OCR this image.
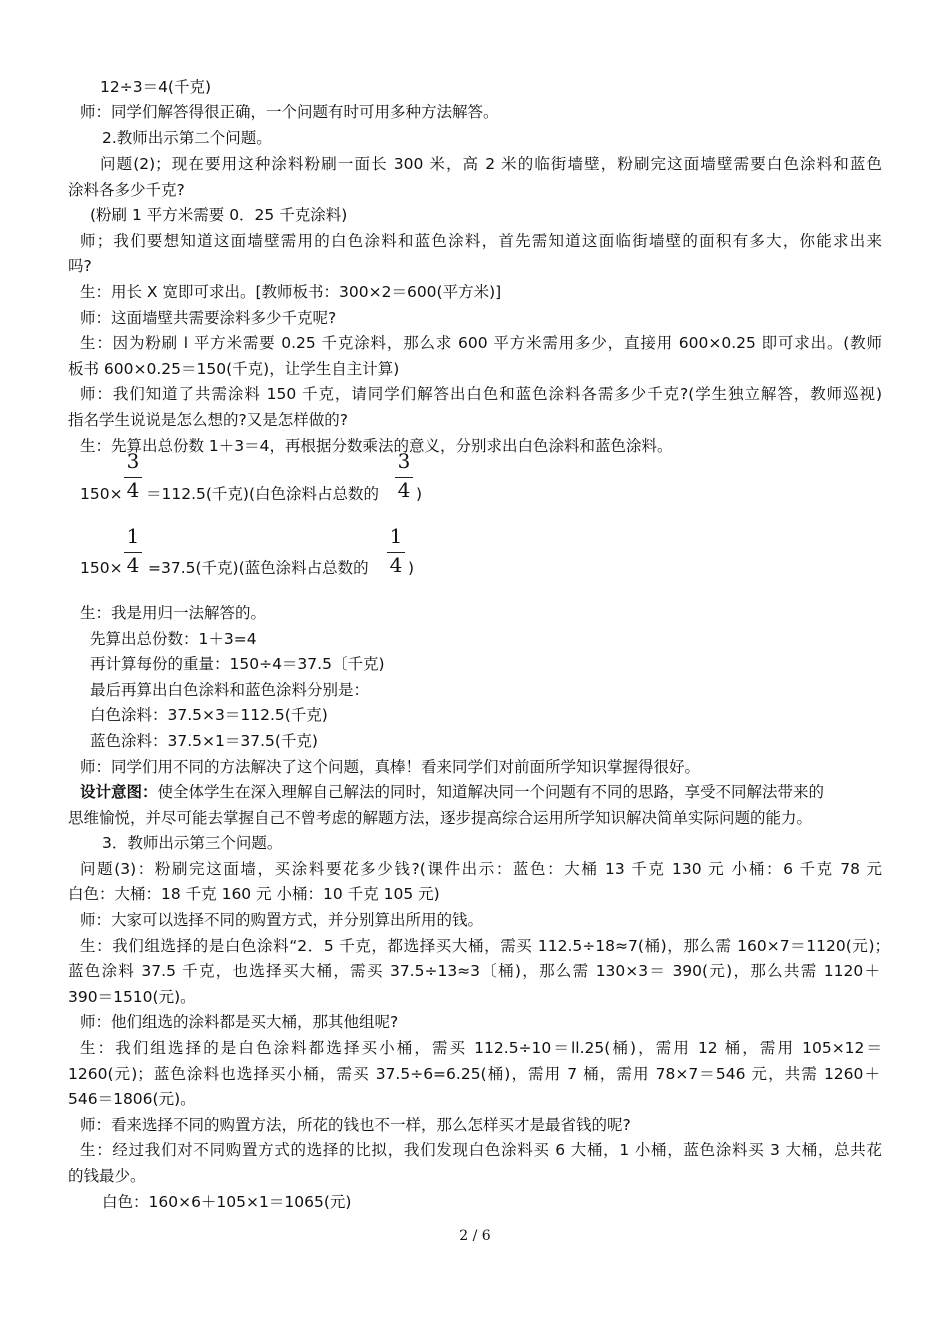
12÷3＝4(千克)
师：同学们解答得很正确，一个问题有时可用多种方法解答。
2.教师出示第二个问题。
问题(2)；现在要用这种涂料粉刷一面长 300 米，高 2 米的临街墙壁，粉刷完这面墙壁需要白色涂料和蓝色
涂料各多少千克?
(粉刷 1 平方米需要 0．25 千克涂料)
师；我们要想知道这面墙壁需用的白色涂料和蓝色涂料，首先需知道这面临街墙壁的面积有多大，你能求出来
吗?
生：用长 X 宽即可求出。[教师板书：300×2＝600(平方米)]
师：这面墙壁共需要涂料多少千克呢?
生：因为粉刷 l 平方米需要 0.25 千克涂料，那么求 600 平方米需用多少，直接用 600×0.25 即可求出。(教师
板书 600×0.25＝150(千克)，让学生自主计算)
师：我们知道了共需涂料 150 千克，请同学们解答出白色和蓝色涂料各需多少千克?(学生独立解答，教师巡视)
指名学生说说是怎么想的?又是怎样做的?
生：先算出总份数 1＋3＝4，再根据分数乘法的意义，分别求出白色涂料和蓝色涂料。
150×
3
4 ＝112.5(千克)(白色涂料占总数的
3
4 )
150×
1
4 =37.5(千克)(蓝色涂料占总数的
1
4 )
生：我是用归一法解答的。
先算出总份数：1＋3=4
再计算每份的重量：150÷4＝37.5〔千克)
最后再算出白色涂料和蓝色涂料分别是：
白色涂料：37.5×3＝112.5(千克)
蓝色涂料：37.5×1＝37.5(千克)
师：同学们用不同的方法解决了这个问题，真棒！看来同学们对前面所学知识掌握得很好。
设计意图：使全体学生在深入理解自己解法的同时，知道解决同一个问题有不同的思路，享受不同解法带来的
思维愉悦，并尽可能去掌握自己不曾考虑的解题方法，逐步提高综合运用所学知识解决简单实际问题的能力。
3．教师出示第三个问题。
问题(3)：粉刷完这面墙，买涂料要花多少钱?(课件出示：蓝色：大桶 13 千克 130 元 小桶：6 千克 78 元
白色：大桶：18 千克 160 元 小桶：10 千克 105 元)
师：大家可以选择不同的购置方式，并分别算出所用的钱。
生：我们组选择的是白色涂料“2．5 千克，都选择买大桶，需买 112.5÷18≈7(桶)，那么需 160×7＝1120(元)；
蓝色涂料 37.5 千克，也选择买大桶，需买 37.5÷13≈3〔桶)，那么需 130×3＝ 390(元)，那么共需 1120＋
390＝1510(元)。
师：他们组选的涂料都是买大桶，那其他组呢?
生：我们组选择的是白色涂料都选择买小桶，需买 112.5÷10＝ll.25(桶)，需用 12 桶，需用 105×12＝
1260(元)；蓝色涂料也选择买小桶，需买 37.5÷6=6.25(桶)，需用 7 桶，需用 78×7＝546 元，共需 1260＋
546＝1806(元)。
师：看来选择不同的购置方法，所花的钱也不一样，那么怎样买才是最省钱的呢?
生：经过我们对不同购置方式的选择的比拟，我们发现白色涂料买 6 大桶，1 小桶，蓝色涂料买 3 大桶，总共花
的钱最少。
白色：160×6＋105×1＝1065(元)
2 / 6
